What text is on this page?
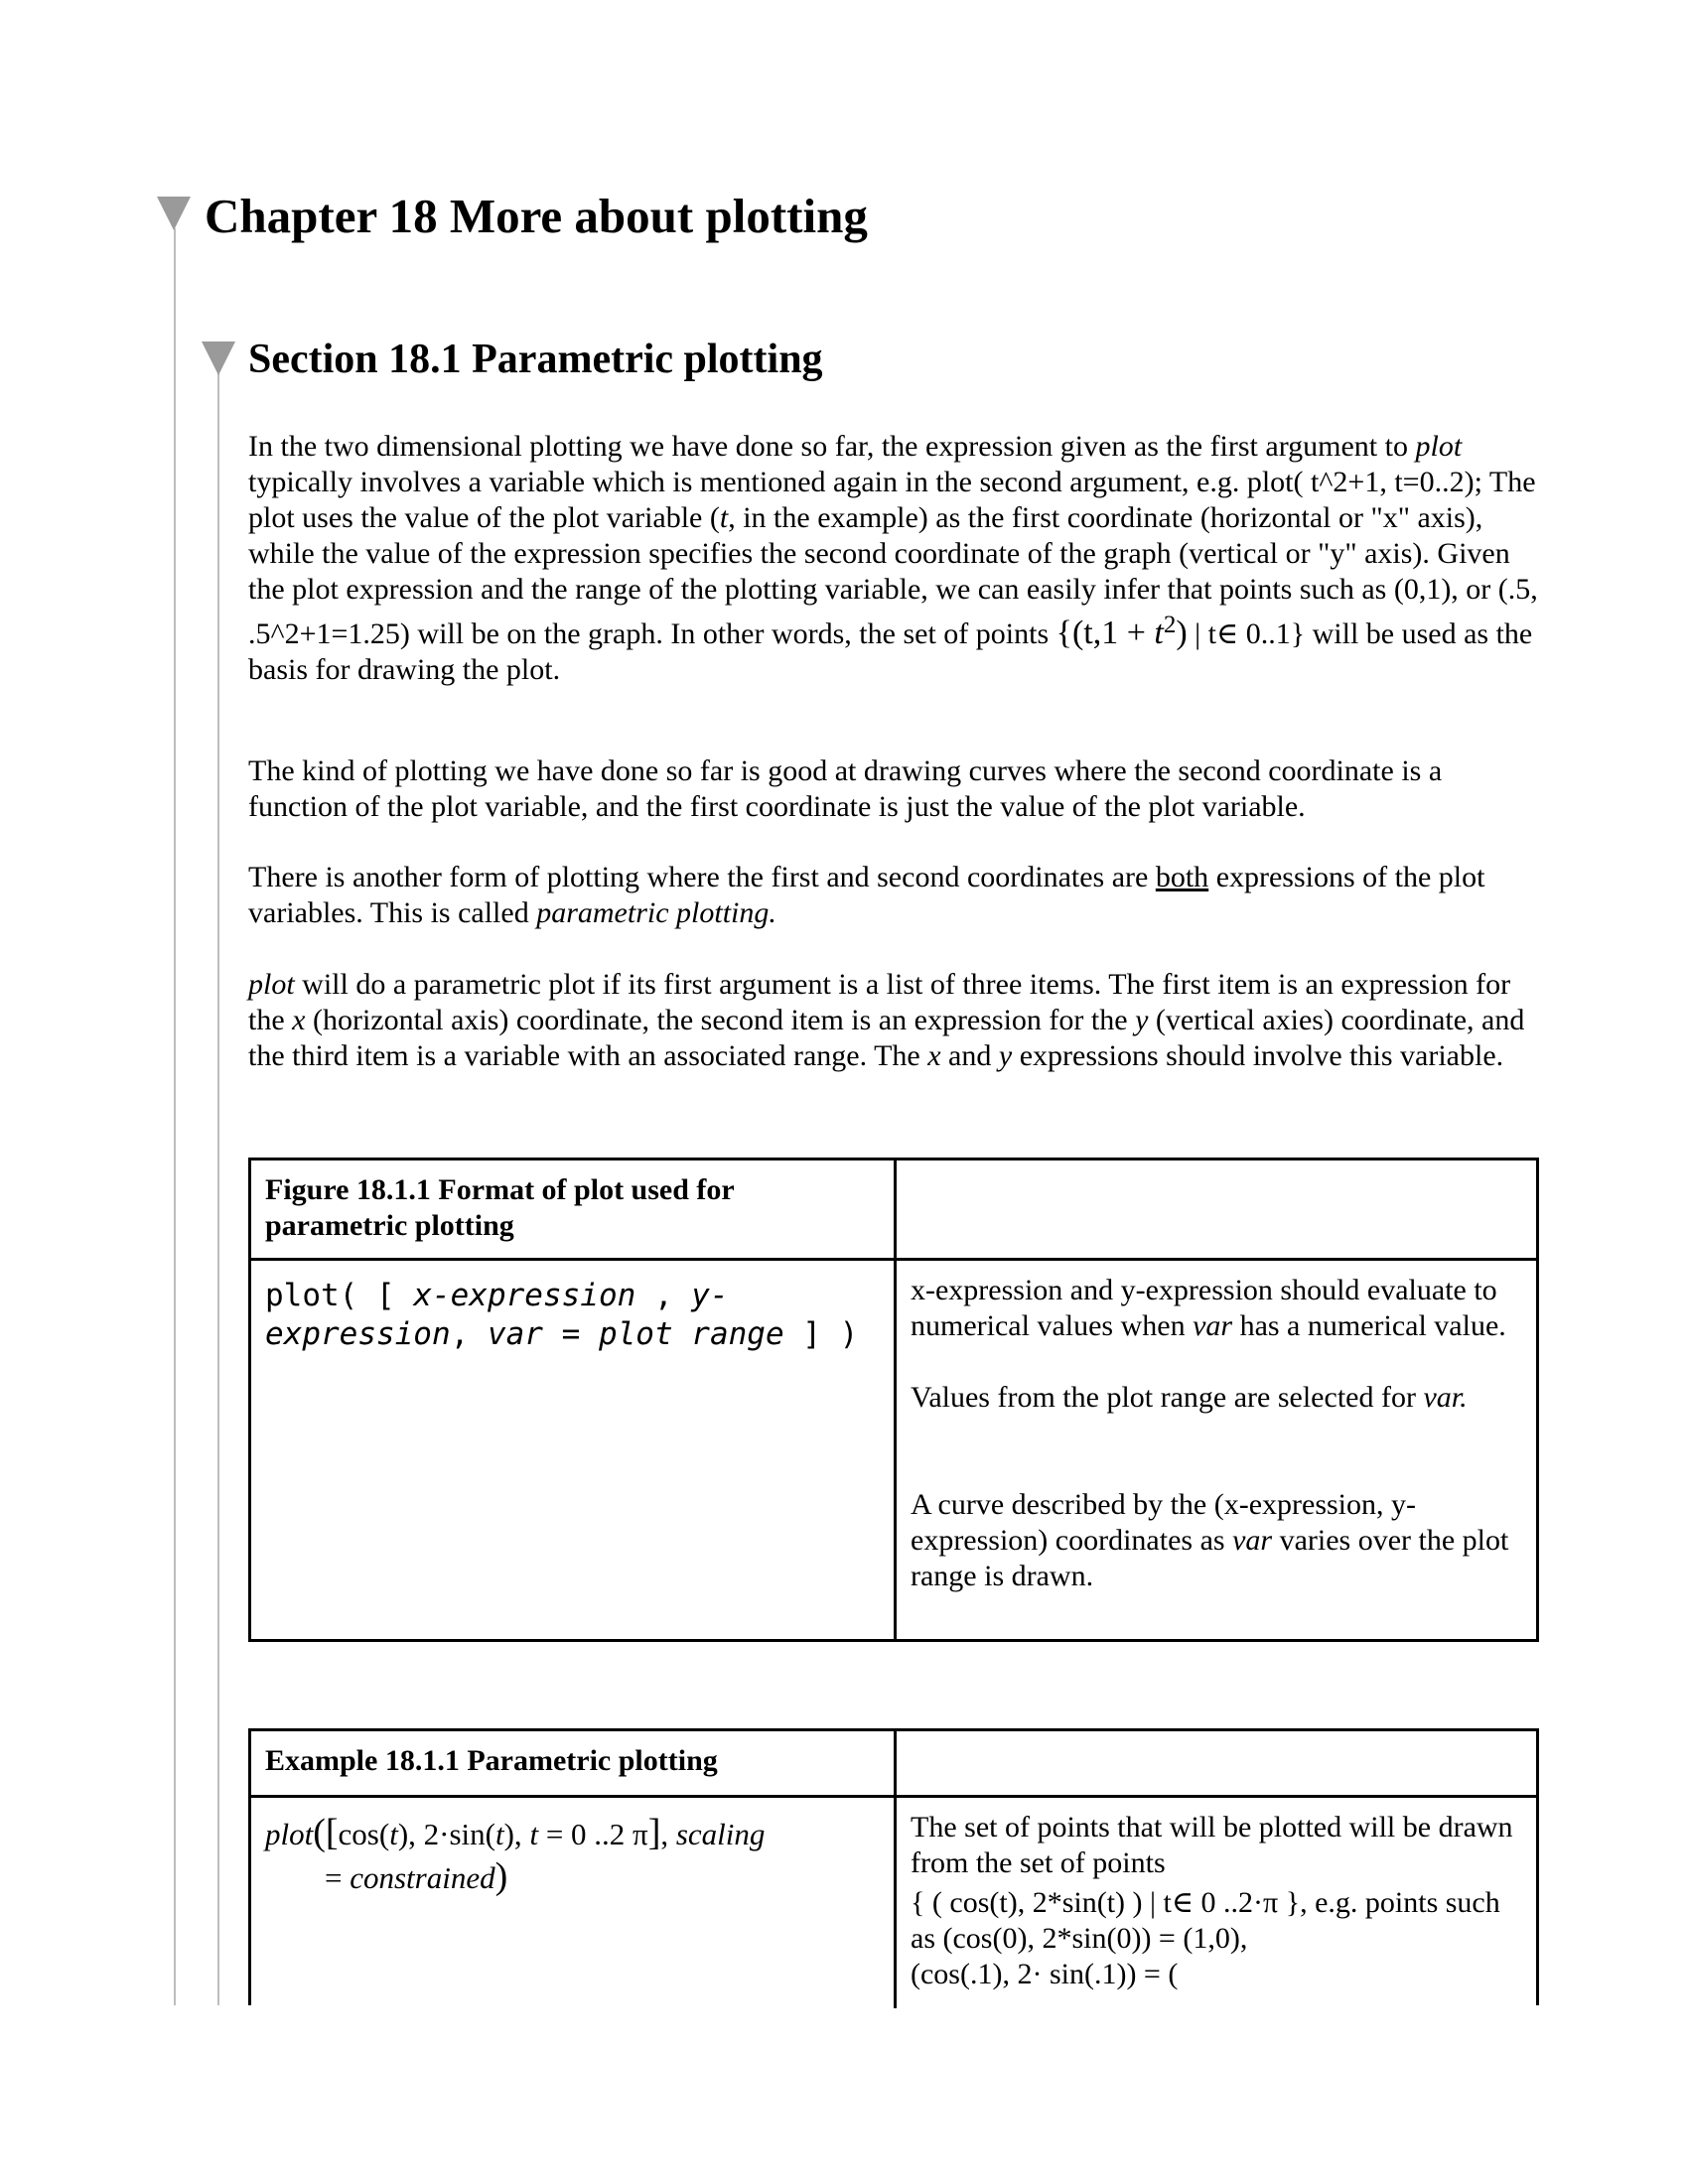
Chapter 18 More about plotting
Section 18.1 Parametric plotting

In the two dimensional plotting we have done so far, the expression given as the first argument to plot typically involves a variable which is mentioned again in the second argument, e.g. plot( t^2+1, t=0..2); The plot uses the value of the plot variable (t, in the example) as the first coordinate (horizontal or "x" axis), while the value of the expression specifies the second coordinate of the graph (vertical or "y" axis). Given the plot expression and the range of the plotting variable, we can easily infer that points such as (0,1), or (.5, .5^2+1=1.25) will be on the graph. In other words, the set of points {$(t,1 + t^2)$ | t∈ 0..1} will be used as the basis for drawing the plot.

The kind of plotting we have done so far is good at drawing curves where the second coordinate is a function of the plot variable, and the first coordinate is just the value of the plot variable.

There is another form of plotting where the first and second coordinates are both expressions of the plot variables. This is called parametric plotting.

plot will do a parametric plot if its first argument is a list of three items. The first item is an expression for the x (horizontal axis) coordinate, the second item is an expression for the y (vertical axies) coordinate, and the third item is a variable with an associated range. The x and y expressions should involve this variable.

Figure 18.1.1 Format of plot used for parametric plotting
plot( [ x-expression , y-expression, var = plot range ] )

x-expression and y-expression should evaluate to numerical values when var has a numerical value.

Values from the plot range are selected for var.

A curve described by the (x-expression, y-expression) coordinates as var varies over the plot range is drawn.

Example 18.1.1 Parametric plotting
plot([cos(t), 2·sin(t), t = 0 ..2 π], scaling
= constrained)

The set of points that will be plotted will be drawn from the set of points

{ ( cos(t), 2*sin(t) ) | t∈ 0 ..2·π }, e.g. points such as (cos(0), 2*sin(0)) = (1,0),

(cos(.1), 2· sin(.1)) = (
